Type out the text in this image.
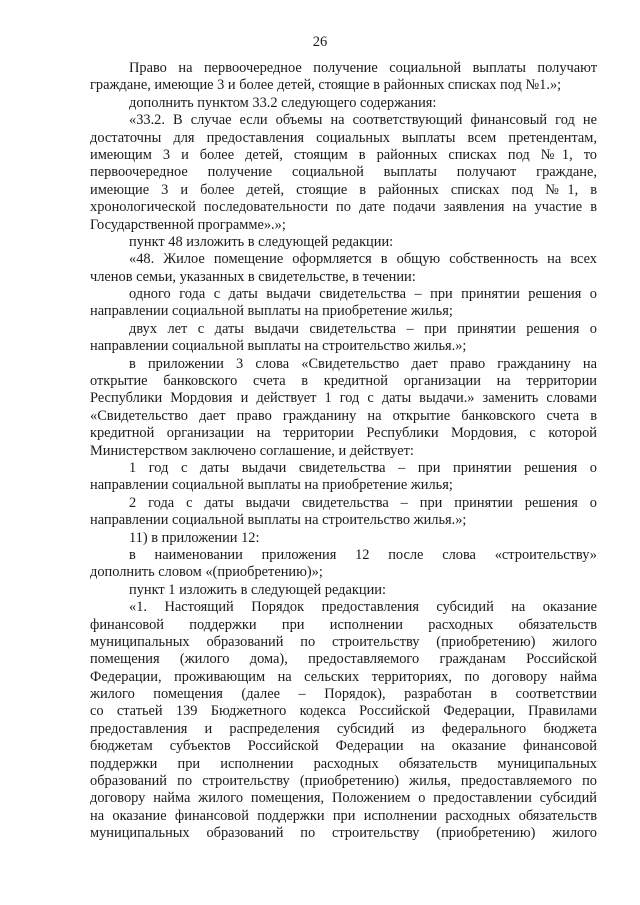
26
Право на первоочередное получение социальной выплаты получают
граждане, имеющие 3 и более детей, стоящие в районных списках под №1.»;
дополнить пунктом 33.2 следующего содержания:
«33.2. В случае если объемы на соответствующий финансовый год не
достаточны для предоставления социальных выплаты всем претендентам,
имеющим 3 и более детей, стоящим в районных списках под №1, то
первоочередное получение социальной выплаты получают граждане,
имеющие 3 и более детей, стоящие в районных списках под №1, в
хронологической последовательности по дате подачи заявления на участие в
Государственной программе».»;
пункт 48 изложить в следующей редакции:
«48. Жилое помещение оформляется в общую собственность на всех
членов семьи, указанных в свидетельстве, в течении:
одного года с даты выдачи свидетельства – при принятии решения о
направлении социальной выплаты на приобретение жилья;
двух лет с даты выдачи свидетельства – при принятии решения о
направлении социальной выплаты на строительство жилья.»;
в приложении 3 слова «Свидетельство дает право гражданину на
открытие банковского счета в кредитной организации на территории
Республики Мордовия и действует 1 год с даты выдачи.» заменить словами
«Свидетельство дает право гражданину на открытие банковского счета в
кредитной организации на территории Республики Мордовия, с которой
Министерством заключено соглашение, и действует:
1 год с даты выдачи свидетельства – при принятии решения о
направлении социальной выплаты на приобретение жилья;
2 года с даты выдачи свидетельства – при принятии решения о
направлении социальной выплаты на строительство жилья.»;
11) в приложении 12:
в наименовании приложения 12 после слова «строительству»
дополнить словом «(приобретению)»;
пункт 1 изложить в следующей редакции:
«1. Настоящий Порядок предоставления субсидий на оказание
финансовой поддержки при исполнении расходных обязательств
муниципальных образований по строительству (приобретению) жилого
помещения (жилого дома), предоставляемого гражданам Российской
Федерации, проживающим на сельских территориях, по договору найма
жилого помещения (далее – Порядок), разработан в соответствии
со статьей 139 Бюджетного кодекса Российской Федерации, Правилами
предоставления и распределения субсидий из федерального бюджета
бюджетам субъектов Российской Федерации на оказание финансовой
поддержки при исполнении расходных обязательств муниципальных
образований по строительству (приобретению) жилья, предоставляемого по
договору найма жилого помещения, Положением о предоставлении субсидий
на оказание финансовой поддержки при исполнении расходных обязательств
муниципальных образований по строительству (приобретению) жилого
